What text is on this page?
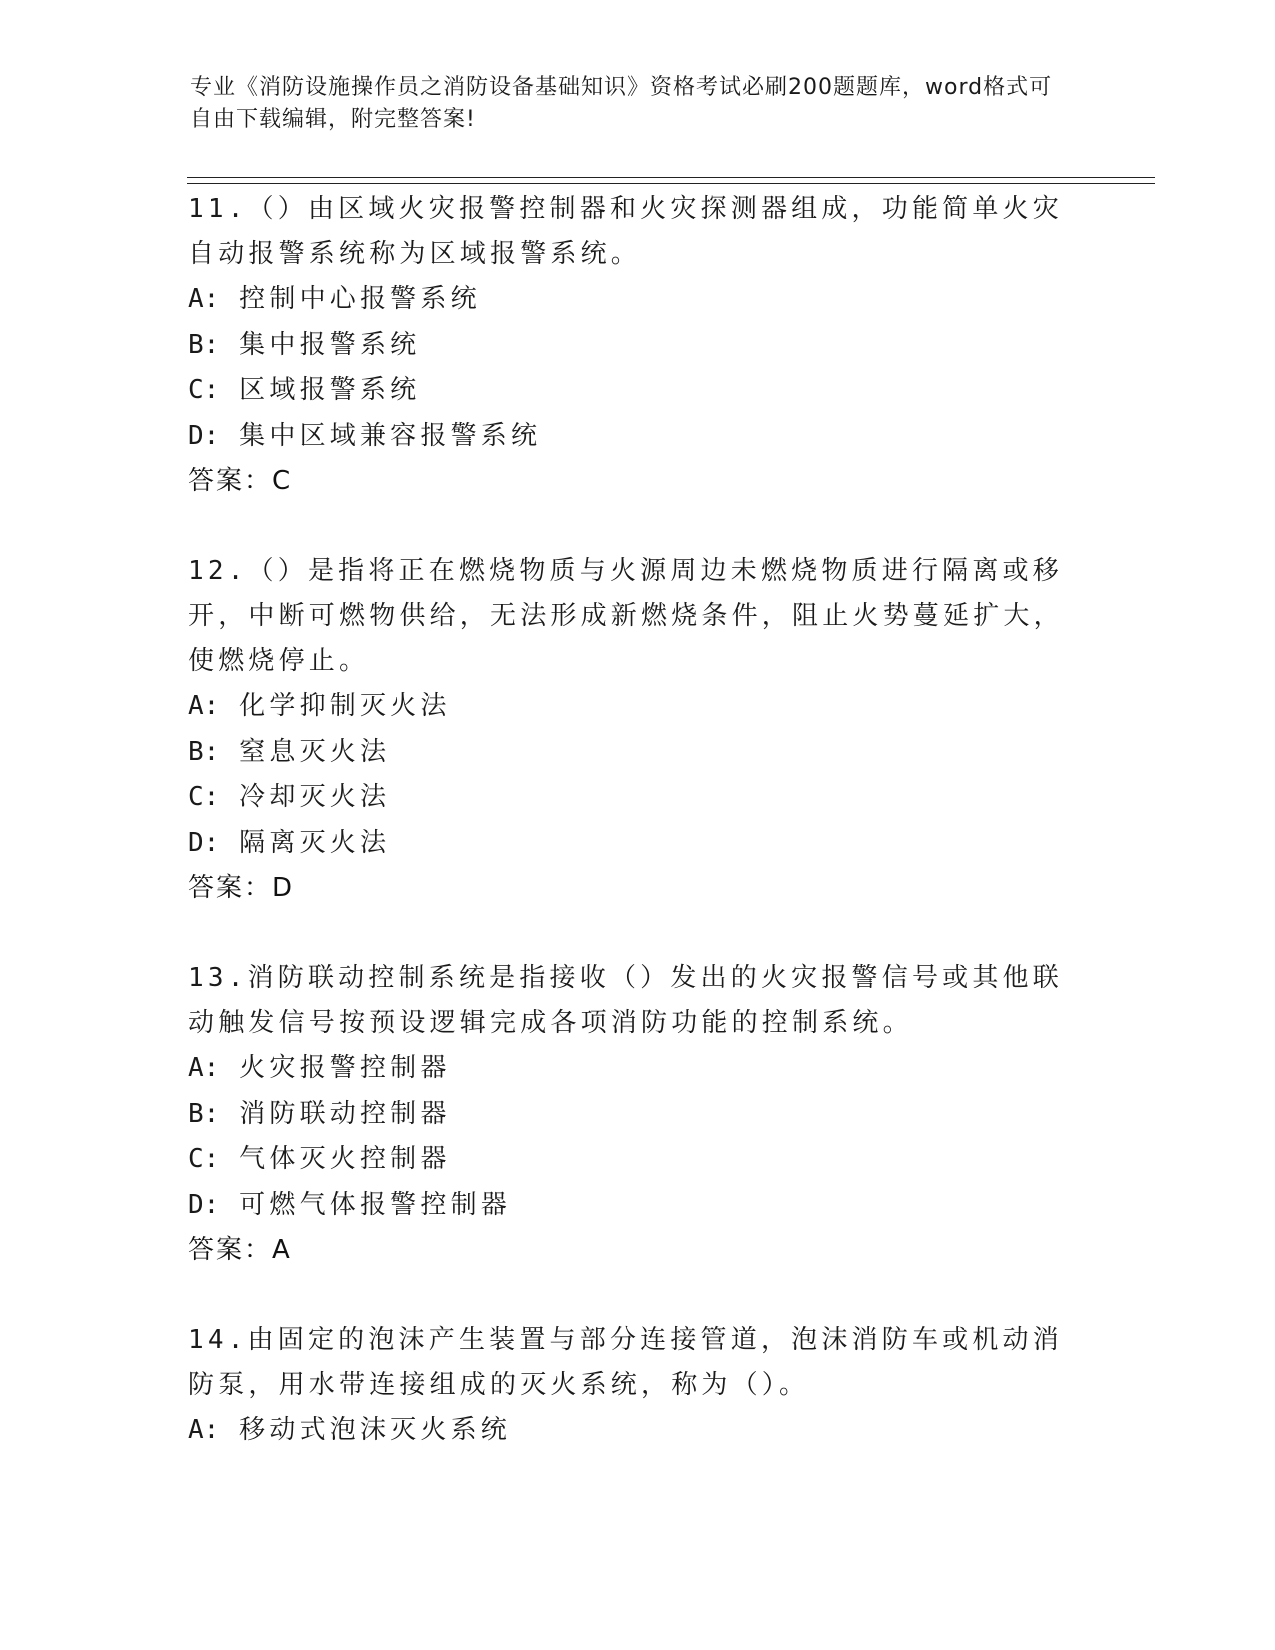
专业《消防设施操作员之消防设备基础知识》资格考试必刷200题题库，word格式可自由下载编辑，附完整答案!

11.（）由区域火灾报警控制器和火灾探测器组成，功能简单火灾自动报警系统称为区域报警系统。

A: 控制中心报警系统

B: 集中报警系统

C: 区域报警系统

D: 集中区域兼容报警系统

答案：C

12.（）是指将正在燃烧物质与火源周边未燃烧物质进行隔离或移开，中断可燃物供给，无法形成新燃烧条件，阻止火势蔓延扩大，使燃烧停止。

A: 化学抑制灭火法

B: 窒息灭火法

C: 冷却灭火法

D: 隔离灭火法

答案：D

13.消防联动控制系统是指接收（）发出的火灾报警信号或其他联动触发信号按预设逻辑完成各项消防功能的控制系统。

A: 火灾报警控制器

B: 消防联动控制器

C: 气体灭火控制器

D: 可燃气体报警控制器

答案：A

14.由固定的泡沫产生装置与部分连接管道，泡沫消防车或机动消防泵，用水带连接组成的灭火系统，称为（）。

A: 移动式泡沫灭火系统
